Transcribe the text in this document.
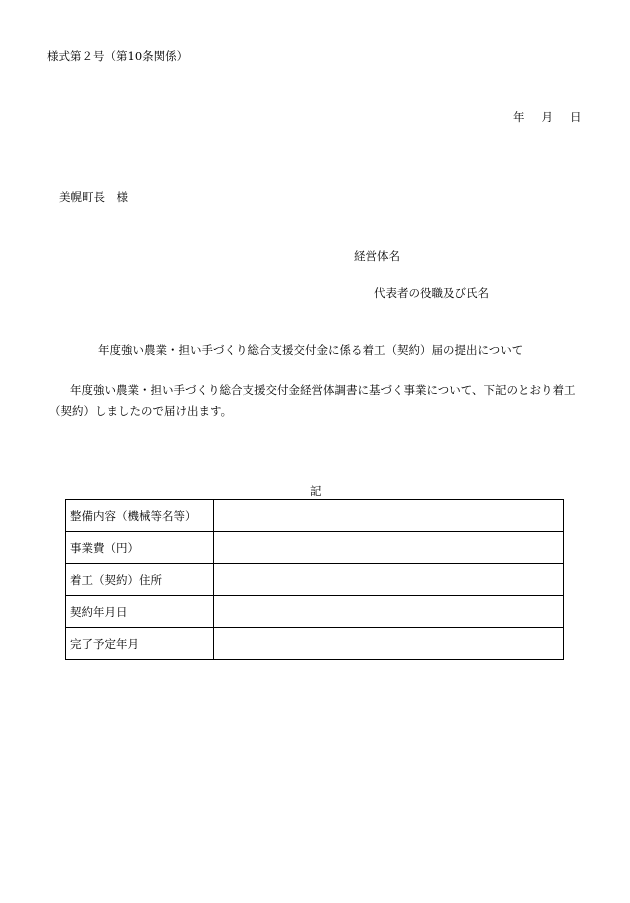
様式第２号（第10条関係）
年 月 日
美幌町長　様
経営体名
代表者の役職及び氏名
年度強い農業・担い手づくり総合支援交付金に係る着工（契約）届の提出について
年度強い農業・担い手づくり総合支援交付金経営体調書に基づく事業について、下記のとおり着工（契約）しましたので届け出ます。
記
整備内容（機械等名等）	
事業費（円）	
着工（契約）住所	
契約年月日	
完了予定年月	
